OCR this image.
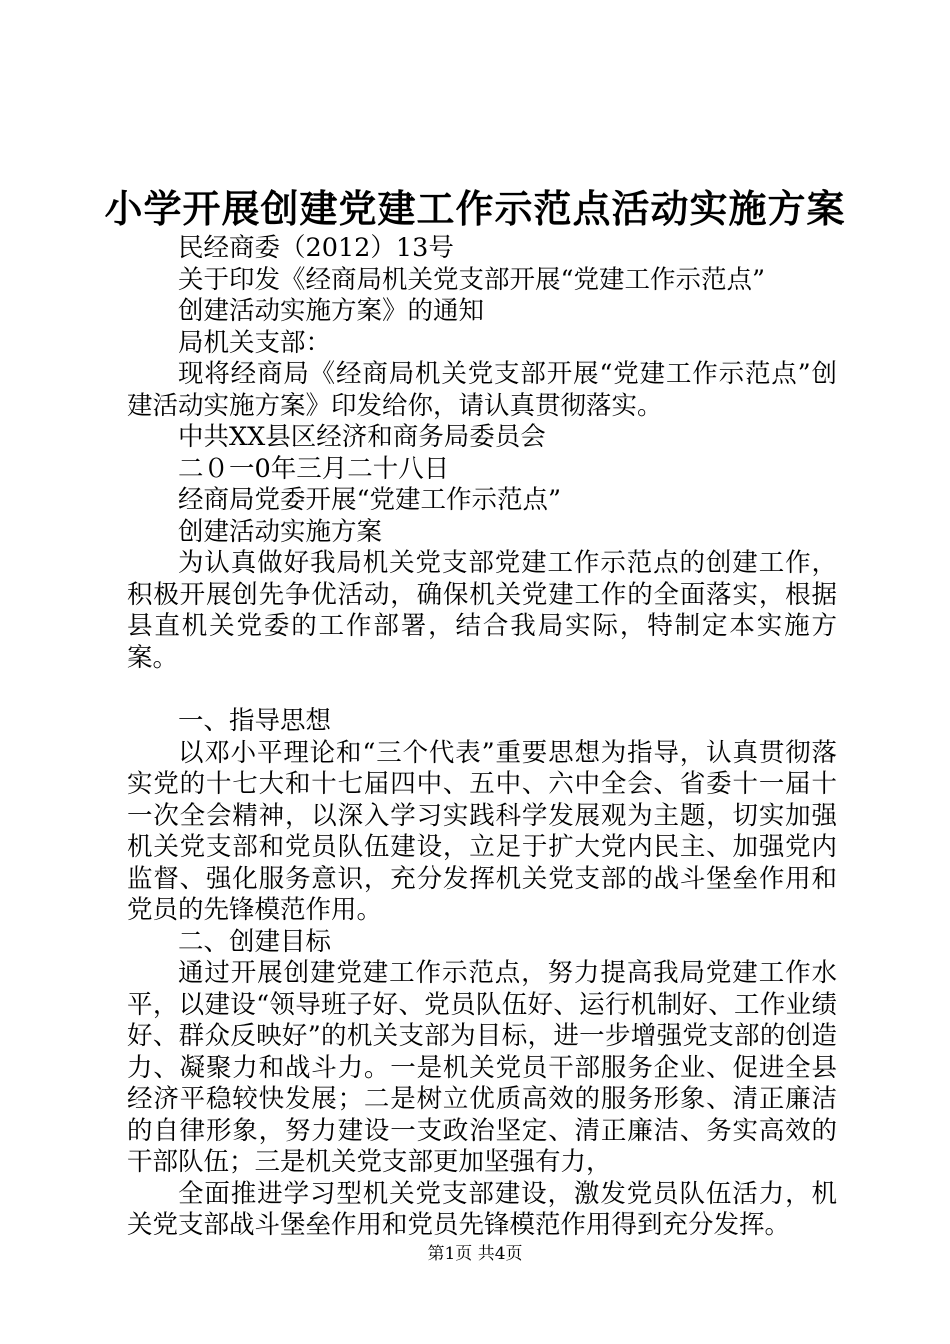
小学开展创建党建工作示范点活动实施方案

民经商委（2012）13号

关于印发《经商局机关党支部开展“党建工作示范点”

创建活动实施方案》的通知

局机关支部：

现将经商局《经商局机关党支部开展“党建工作示范点”创建活动实施方案》印发给你，请认真贯彻落实。

中共XX县区经济和商务局委员会

二０一0年三月二十八日

经商局党委开展“党建工作示范点”

创建活动实施方案

为认真做好我局机关党支部党建工作示范点的创建工作，积极开展创先争优活动，确保机关党建工作的全面落实，根据县直机关党委的工作部署，结合我局实际，特制定本实施方案。

一、指导思想

以邓小平理论和“三个代表”重要思想为指导，认真贯彻落实党的十七大和十七届四中、五中、六中全会、省委十一届十一次全会精神，以深入学习实践科学发展观为主题，切实加强机关党支部和党员队伍建设，立足于扩大党内民主、加强党内监督、强化服务意识，充分发挥机关党支部的战斗堡垒作用和党员的先锋模范作用。

二、创建目标

通过开展创建党建工作示范点，努力提高我局党建工作水平，以建设“领导班子好、党员队伍好、运行机制好、工作业绩好、群众反映好”的机关支部为目标，进一步增强党支部的创造力、凝聚力和战斗力。一是机关党员干部服务企业、促进全县经济平稳较快发展；二是树立优质高效的服务形象、清正廉洁的自律形象，努力建设一支政治坚定、清正廉洁、务实高效的干部队伍；三是机关党支部更加坚强有力，

全面推进学习型机关党支部建设，激发党员队伍活力，机关党支部战斗堡垒作用和党员先锋模范作用得到充分发挥。

第1页 共4页
